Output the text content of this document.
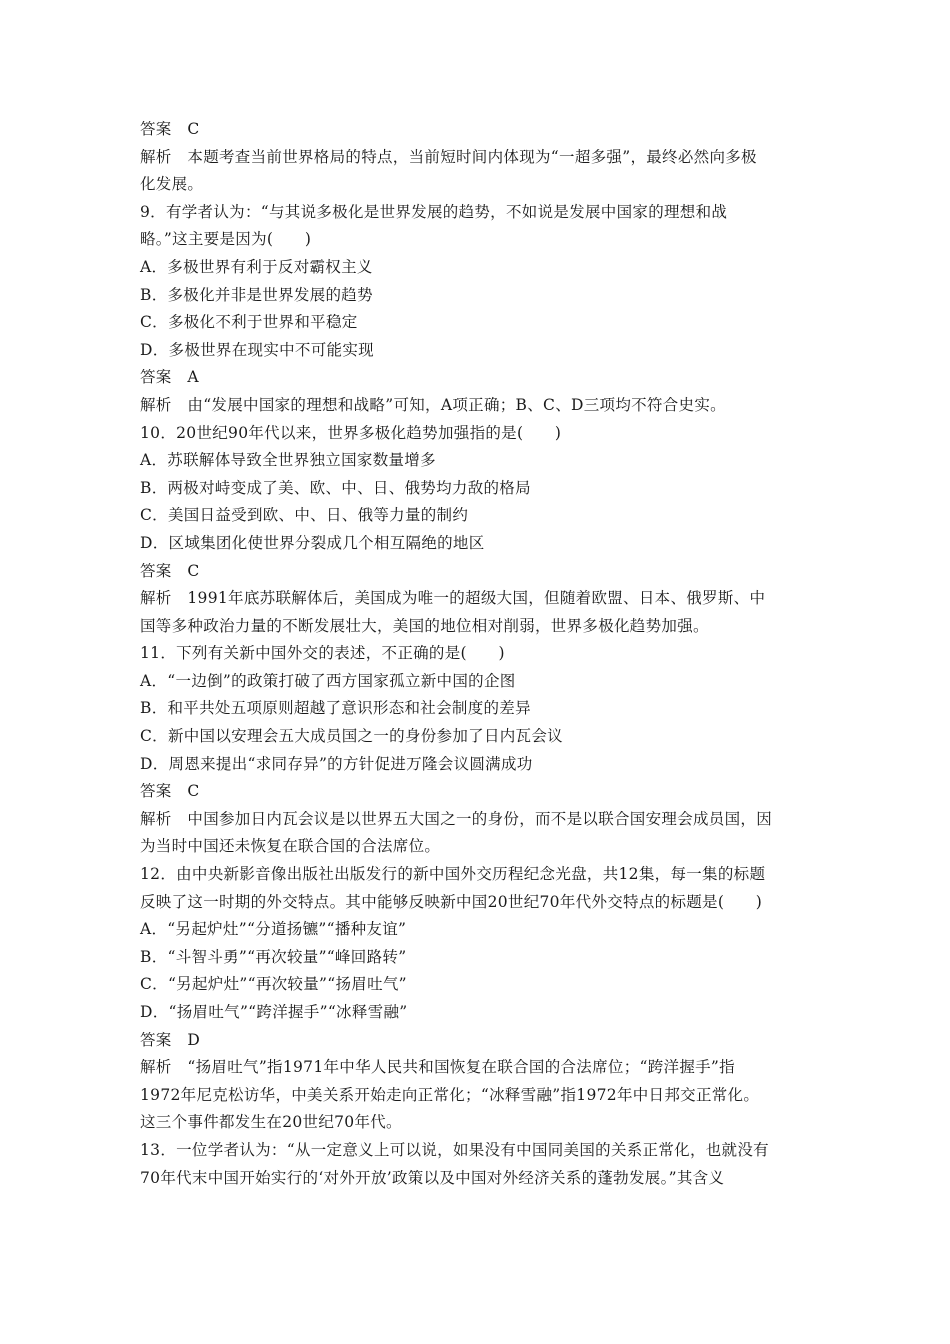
答案　C
解析　本题考查当前世界格局的特点，当前短时间内体现为“一超多强”，最终必然向多极
化发展。
9．有学者认为：“与其说多极化是世界发展的趋势，不如说是发展中国家的理想和战
略。”这主要是因为(　　)
A．多极世界有利于反对霸权主义
B．多极化并非是世界发展的趋势
C．多极化不利于世界和平稳定
D．多极世界在现实中不可能实现
答案　A
解析　由“发展中国家的理想和战略”可知，A项正确；B、C、D三项均不符合史实。
10．20世纪90年代以来，世界多极化趋势加强指的是(　　)
A．苏联解体导致全世界独立国家数量增多
B．两极对峙变成了美、欧、中、日、俄势均力敌的格局
C．美国日益受到欧、中、日、俄等力量的制约
D．区域集团化使世界分裂成几个相互隔绝的地区
答案　C
解析　1991年底苏联解体后，美国成为唯一的超级大国，但随着欧盟、日本、俄罗斯、中
国等多种政治力量的不断发展壮大，美国的地位相对削弱，世界多极化趋势加强。
11．下列有关新中国外交的表述，不正确的是(　　)
A．“一边倒”的政策打破了西方国家孤立新中国的企图
B．和平共处五项原则超越了意识形态和社会制度的差异
C．新中国以安理会五大成员国之一的身份参加了日内瓦会议
D．周恩来提出“求同存异”的方针促进万隆会议圆满成功
答案　C
解析　中国参加日内瓦会议是以世界五大国之一的身份，而不是以联合国安理会成员国，因
为当时中国还未恢复在联合国的合法席位。
12．由中央新影音像出版社出版发行的新中国外交历程纪念光盘，共12集，每一集的标题
反映了这一时期的外交特点。其中能够反映新中国20世纪70年代外交特点的标题是(　　)
A．“另起炉灶”“分道扬镳”“播种友谊”
B．“斗智斗勇”“再次较量”“峰回路转”
C．“另起炉灶”“再次较量”“扬眉吐气”
D．“扬眉吐气”“跨洋握手”“冰释雪融”
答案　D
解析　“扬眉吐气”指1971年中华人民共和国恢复在联合国的合法席位；“跨洋握手”指
1972年尼克松访华，中美关系开始走向正常化；“冰释雪融”指1972年中日邦交正常化。
这三个事件都发生在20世纪70年代。
13．一位学者认为：“从一定意义上可以说，如果没有中国同美国的关系正常化，也就没有
70年代末中国开始实行的‘对外开放’政策以及中国对外经济关系的蓬勃发展。”其含义
